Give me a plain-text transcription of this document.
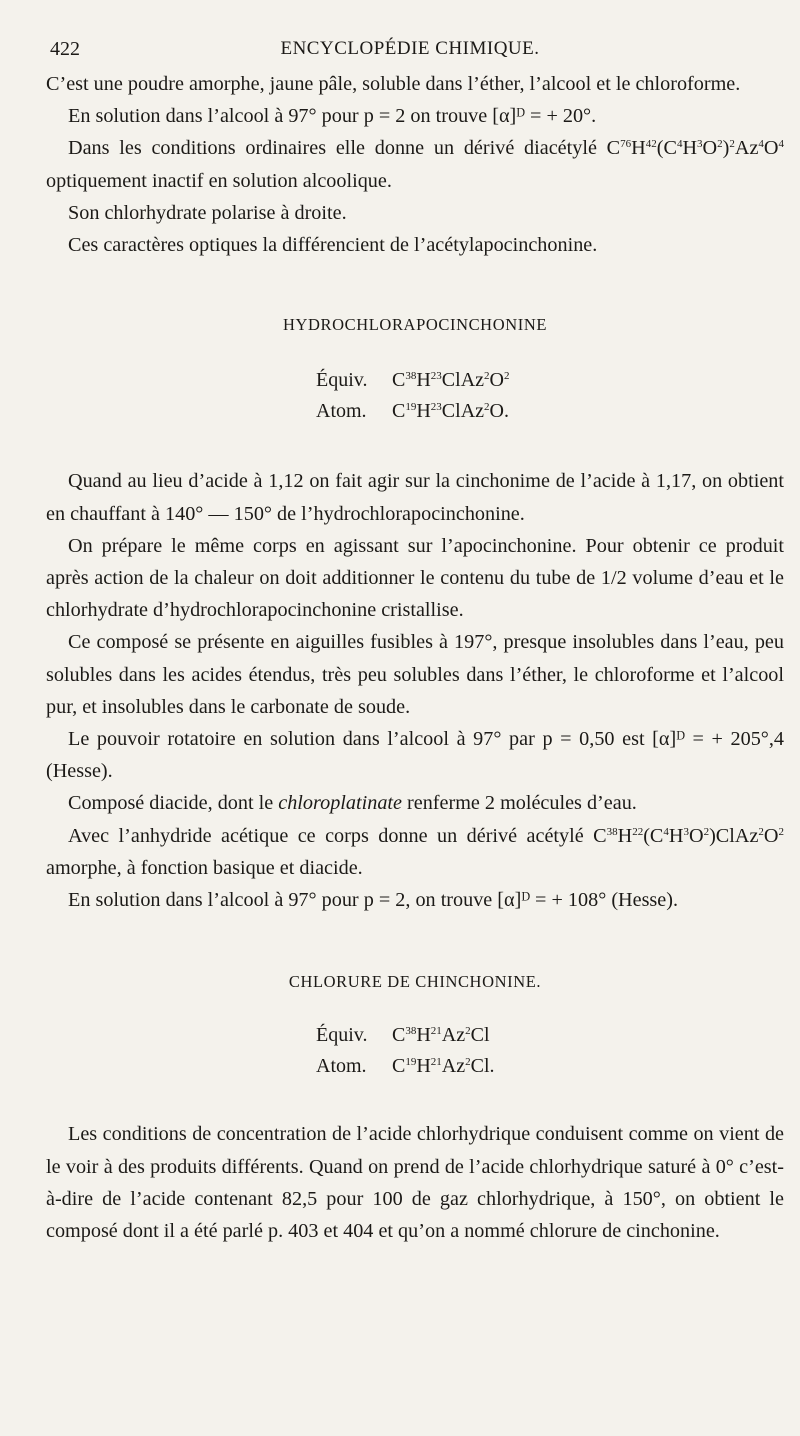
422	ENCYCLOPÉDIE CHIMIQUE.

C’est une poudre amorphe, jaune pâle, soluble dans l’éther, l’alcool et le chloroforme.

En solution dans l’alcool à 97° pour p = 2 on trouve [α]ᴰ = + 20°.

Dans les conditions ordinaires elle donne un dérivé diacétylé $C^{76}H^{42}(C^4H^3O^2)^2Az^4O^4$ optiquement inactif en solution alcoolique.

Son chlorhydrate polarise à droite.

Ces caractères optiques la différencient de l’acétylapocinchonine.

HYDROCHLORAPOCINCHONINE

Équiv. $C^{38}H^{23}ClAz^2O^2$

Atom. $C^{19}H^{23}ClAz^2O$.

Quand au lieu d’acide à 1,12 on fait agir sur la cinchonime de l’acide à 1,17, on obtient en chauffant à 140° — 150° de l’hydrochlorapocinchonine.

On prépare le même corps en agissant sur l’apocinchonine. Pour obtenir ce produit après action de la chaleur on doit additionner le contenu du tube de 1/2 volume d’eau et le chlorhydrate d’hydrochlorapocinchonine cristallise.

Ce composé se présente en aiguilles fusibles à 197°, presque insolubles dans l’eau, peu solubles dans les acides étendus, très peu solubles dans l’éther, le chloroforme et l’alcool pur, et insolubles dans le carbonate de soude.

Le pouvoir rotatoire en solution dans l’alcool à 97° par p = 0,50 est [α]ᴰ = + 205°,4 (Hesse).

Composé diacide, dont le chloroplatinate renferme 2 molécules d’eau.

Avec l’anhydride acétique ce corps donne un dérivé acétylé $C^{38}H^{22}(C^4H^3O^2)ClAz^2O^2$ amorphe, à fonction basique et diacide.

En solution dans l’alcool à 97° pour p = 2, on trouve [α]ᴰ = + 108° (Hesse).

CHLORURE DE CHINCHONINE.

Équiv. $C^{38}H^{21}Az^2Cl$

Atom. $C^{19}H^{21}Az^2Cl$.

Les conditions de concentration de l’acide chlorhydrique conduisent comme on vient de le voir à des produits différents. Quand on prend de l’acide chlorhydrique saturé à 0° c’est-à-dire de l’acide contenant 82,5 pour 100 de gaz chlorhydrique, à 150°, on obtient le composé dont il a été parlé p. 403 et 404 et qu’on a nommé chlorure de cinchonine.
